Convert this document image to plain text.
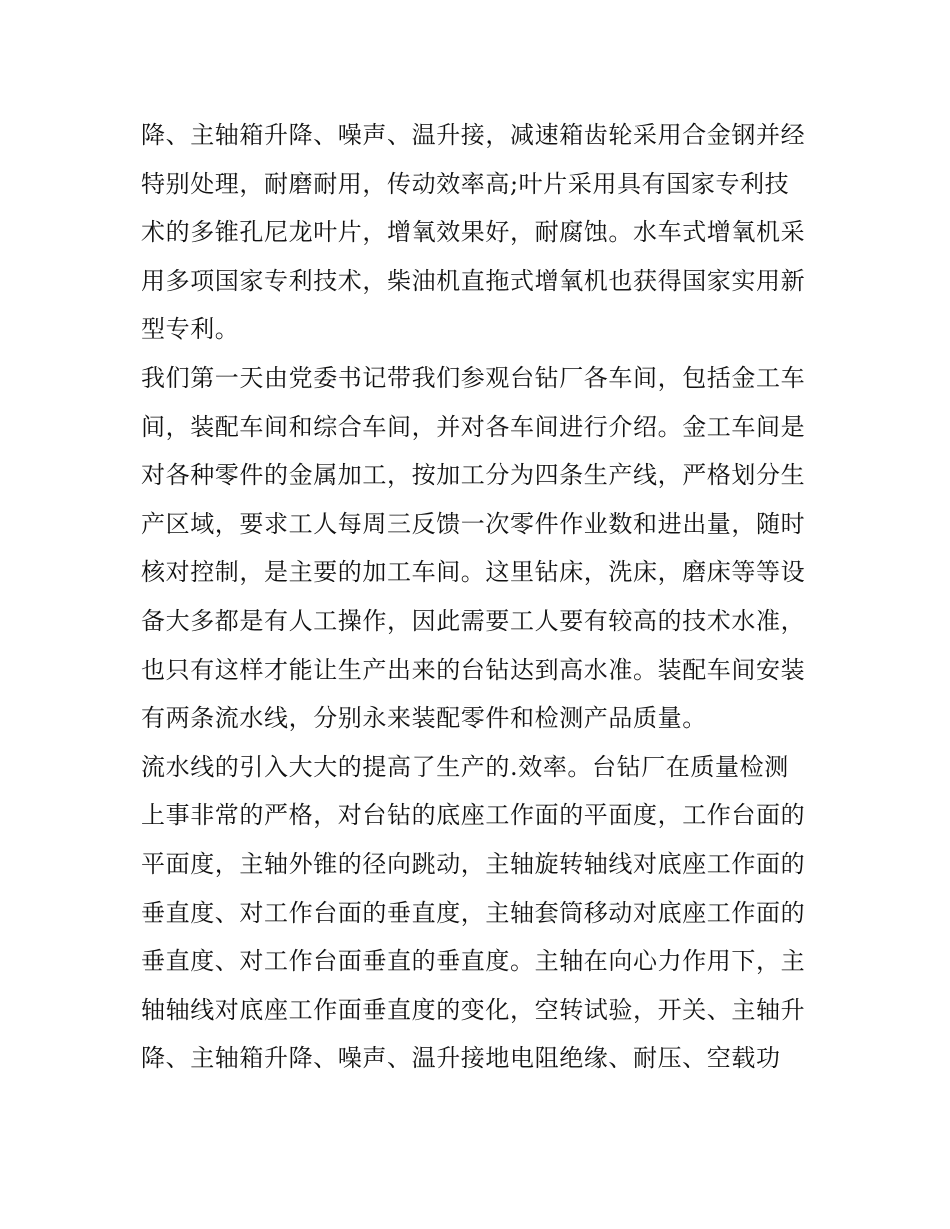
降、主轴箱升降、噪声、温升接，减速箱齿轮采用合金钢并经
特别处理，耐磨耐用，传动效率高;叶片采用具有国家专利技
术的多锥孔尼龙叶片，增氧效果好，耐腐蚀。水车式增氧机采
用多项国家专利技术，柴油机直拖式增氧机也获得国家实用新
型专利。
我们第一天由党委书记带我们参观台钻厂各车间，包括金工车
间，装配车间和综合车间，并对各车间进行介绍。金工车间是
对各种零件的金属加工，按加工分为四条生产线，严格划分生
产区域，要求工人每周三反馈一次零件作业数和进出量，随时
核对控制，是主要的加工车间。这里钻床，洗床，磨床等等设
备大多都是有人工操作，因此需要工人要有较高的技术水准，
也只有这样才能让生产出来的台钻达到高水准。装配车间安装
有两条流水线，分别永来装配零件和检测产品质量。
流水线的引入大大的提高了生产的.效率。台钻厂在质量检测
上事非常的严格，对台钻的底座工作面的平面度，工作台面的
平面度，主轴外锥的径向跳动，主轴旋转轴线对底座工作面的
垂直度、对工作台面的垂直度，主轴套筒移动对底座工作面的
垂直度、对工作台面垂直的垂直度。主轴在向心力作用下，主
轴轴线对底座工作面垂直度的变化，空转试验，开关、主轴升
降、主轴箱升降、噪声、温升接地电阻绝缘、耐压、空载功
